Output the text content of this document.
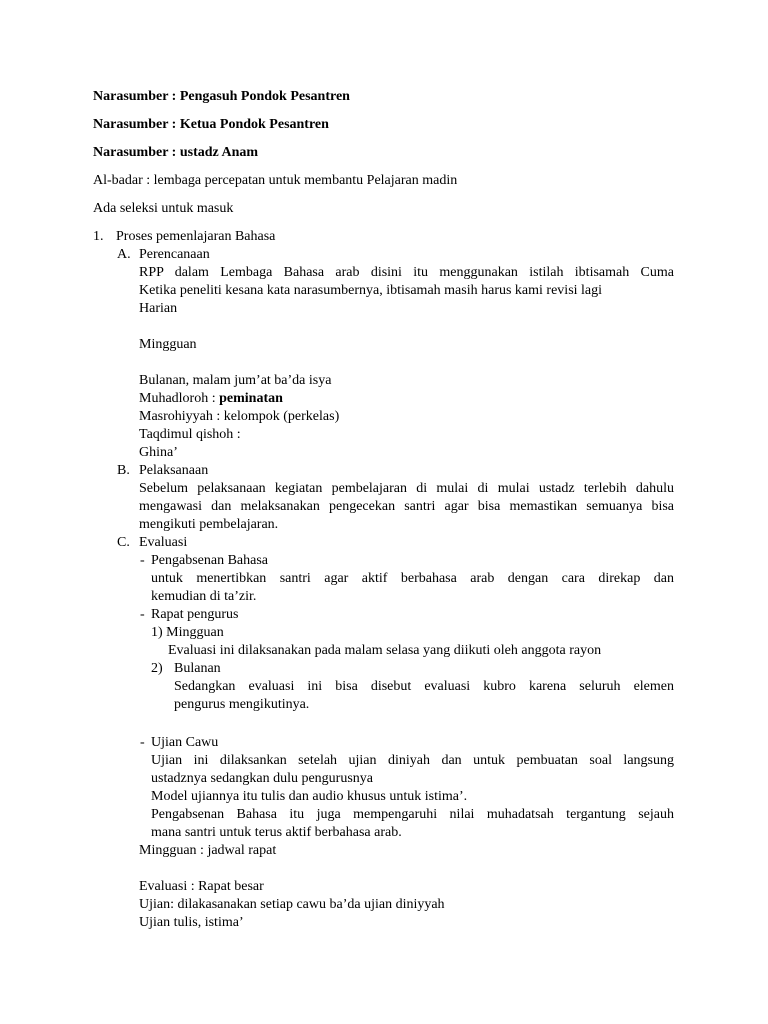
Narasumber : Pengasuh Pondok Pesantren
Narasumber : Ketua Pondok Pesantren
Narasumber : ustadz Anam
Al-badar : lembaga percepatan untuk membantu Pelajaran madin
Ada seleksi untuk masuk
1. Proses pemenlajaran Bahasa
A. Perencanaan
RPP dalam Lembaga Bahasa arab disini itu menggunakan istilah ibtisamah Cuma
Ketika peneliti kesana kata narasumbernya, ibtisamah masih harus kami revisi lagi
Harian
Mingguan
Bulanan, malam jum’at ba’da isya
Muhadloroh : peminatan
Masrohiyyah : kelompok (perkelas)
Taqdimul qishoh :
Ghina’
B. Pelaksanaan
Sebelum pelaksanaan kegiatan pembelajaran di mulai di mulai ustadz terlebih dahulu
mengawasi dan melaksanakan pengecekan santri agar bisa memastikan semuanya bisa
mengikuti pembelajaran.
C. Evaluasi
- Pengabsenan Bahasa
untuk menertibkan santri agar aktif berbahasa arab dengan cara direkap dan
kemudian di ta’zir.
- Rapat pengurus
1) Mingguan
Evaluasi ini dilaksanakan pada malam selasa yang diikuti oleh anggota rayon
2) Bulanan
Sedangkan evaluasi ini bisa disebut evaluasi kubro karena seluruh elemen
pengurus mengikutinya.
- Ujian Cawu
Ujian ini dilaksankan setelah ujian diniyah dan untuk pembuatan soal langsung
ustadznya sedangkan dulu pengurusnya
Model ujiannya itu tulis dan audio khusus untuk istima’.
Pengabsenan Bahasa itu juga mempengaruhi nilai muhadatsah tergantung sejauh
mana santri untuk terus aktif berbahasa arab.
Mingguan : jadwal rapat
Evaluasi : Rapat besar
Ujian: dilakasanakan setiap cawu ba’da ujian diniyyah
Ujian tulis, istima’
